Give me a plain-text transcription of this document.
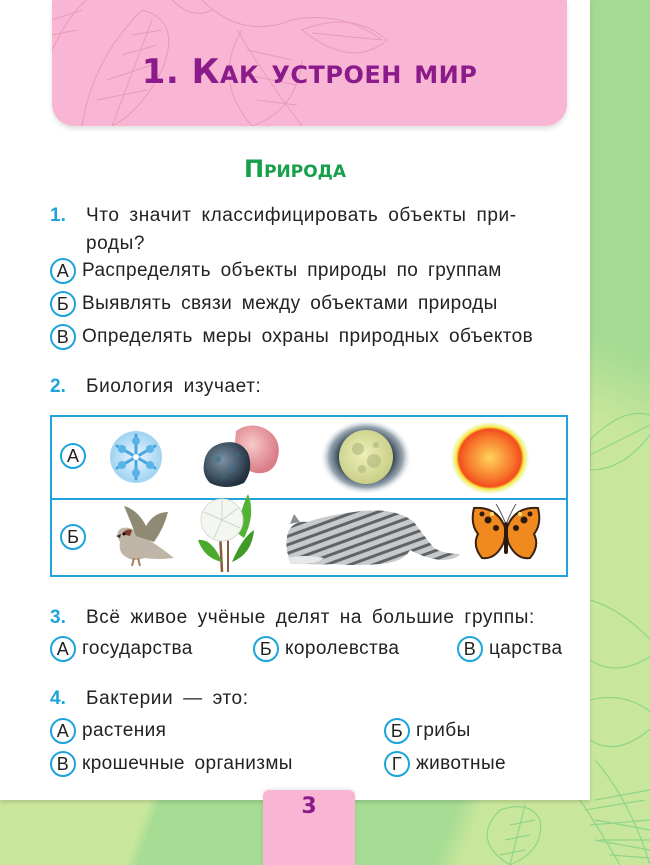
1. Как устроен мир
Природа
1. Что значит классифицировать объекты при-
роды?
А Распределять объекты природы по группам
Б Выявлять связи между объектами природы
В Определять меры охраны природных объектов
2. Биология изучает:
А
Б
3. Всё живое учёные делят на большие группы:
А государства	Б королевства	В царства
4. Бактерии — это:
А растения	Б грибы
В крошечные организмы	Г животные
3
